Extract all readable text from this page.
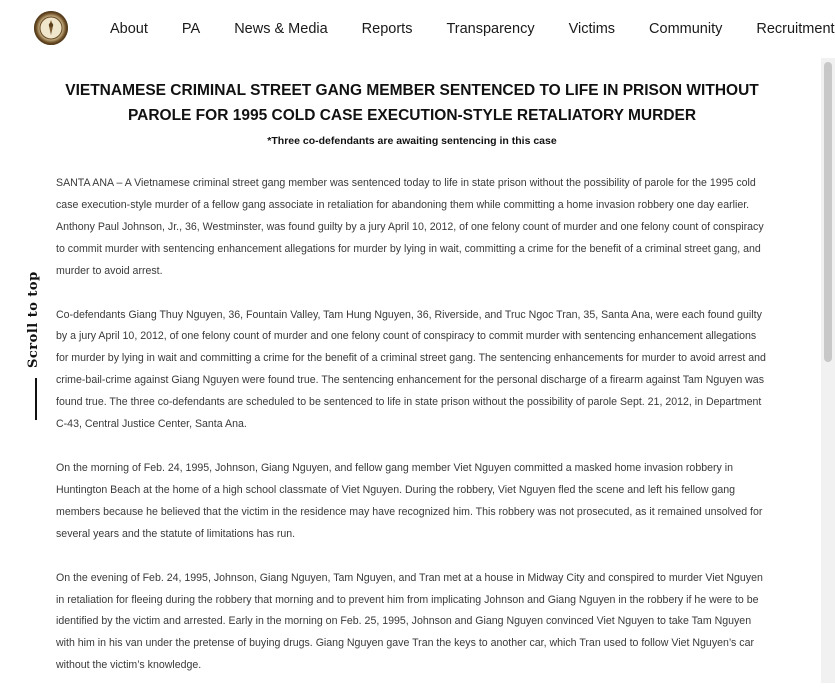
About PA News & Media Reports Transparency Victims Community Recruitment
Scroll to top
VIETNAMESE CRIMINAL STREET GANG MEMBER SENTENCED TO LIFE IN PRISON WITHOUT PAROLE FOR 1995 COLD CASE EXECUTION-STYLE RETALIATORY MURDER
*Three co-defendants are awaiting sentencing in this case

SANTA ANA – A Vietnamese criminal street gang member was sentenced today to life in state prison without the possibility of parole for the 1995 cold case execution-style murder of a fellow gang associate in retaliation for abandoning them while committing a home invasion robbery one day earlier. Anthony Paul Johnson, Jr., 36, Westminster, was found guilty by a jury April 10, 2012, of one felony count of murder and one felony count of conspiracy to commit murder with sentencing enhancement allegations for murder by lying in wait, committing a crime for the benefit of a criminal street gang, and murder to avoid arrest.

Co-defendants Giang Thuy Nguyen, 36, Fountain Valley, Tam Hung Nguyen, 36, Riverside, and Truc Ngoc Tran, 35, Santa Ana, were each found guilty by a jury April 10, 2012, of one felony count of murder and one felony count of conspiracy to commit murder with sentencing enhancement allegations for murder by lying in wait and committing a crime for the benefit of a criminal street gang. The sentencing enhancements for murder to avoid arrest and crime-bail-crime against Giang Nguyen were found true. The sentencing enhancement for the personal discharge of a firearm against Tam Nguyen was found true. The three co-defendants are scheduled to be sentenced to life in state prison without the possibility of parole Sept. 21, 2012, in Department C-43, Central Justice Center, Santa Ana.

On the morning of Feb. 24, 1995, Johnson, Giang Nguyen, and fellow gang member Viet Nguyen committed a masked home invasion robbery in Huntington Beach at the home of a high school classmate of Viet Nguyen. During the robbery, Viet Nguyen fled the scene and left his fellow gang members because he believed that the victim in the residence may have recognized him. This robbery was not prosecuted, as it remained unsolved for several years and the statute of limitations has run.

On the evening of Feb. 24, 1995, Johnson, Giang Nguyen, Tam Nguyen, and Tran met at a house in Midway City and conspired to murder Viet Nguyen in retaliation for fleeing during the robbery that morning and to prevent him from implicating Johnson and Giang Nguyen in the robbery if he were to be identified by the victim and arrested. Early in the morning on Feb. 25, 1995, Johnson and Giang Nguyen convinced Viet Nguyen to take Tam Nguyen with him in his van under the pretense of buying drugs. Giang Nguyen gave Tran the keys to another car, which Tran used to follow Viet Nguyen’s car without the victim’s knowledge.
